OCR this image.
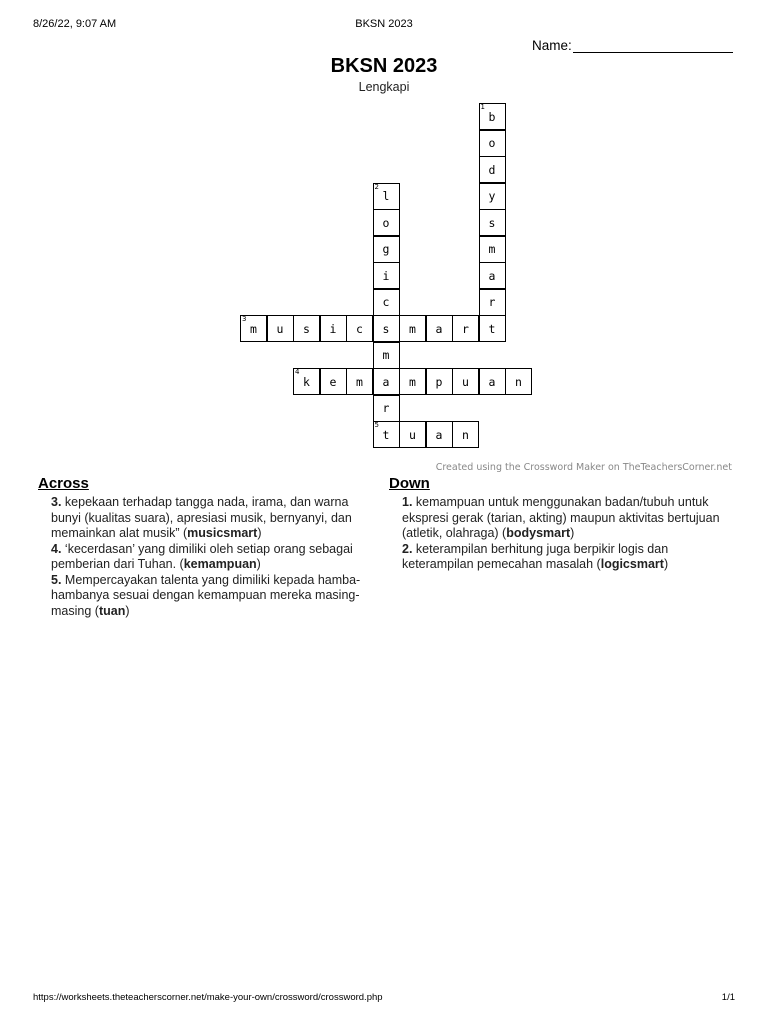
8/26/22, 9:07 AM	BKSN 2023
Name:
BKSN 2023
Lengkapi
1
b
o
d
y
s
m
a
r
t
2
l
o
g
i
c
s
m
a
r
5
t
3
m u s i c	m a r
4
k e m	m p u a n
u a n
Created using the Crossword Maker on TheTeachersCorner.net
Across	Down
3. kepekaan terhadap tangga nada, irama, dan warna bunyi (kualitas suara), apresiasi musik, bernyanyi, dan memainkan alat musik” (musicsmart)
4. ‘kecerdasan’ yang dimiliki oleh setiap orang sebagai pemberian dari Tuhan. (kemampuan)
5. Mempercayakan talenta yang dimiliki kepada hamba-hambanya sesuai dengan kemampuan mereka masing-masing (tuan)
1. kemampuan untuk menggunakan badan/tubuh untuk ekspresi gerak (tarian, akting) maupun aktivitas bertujuan (atletik, olahraga) (bodysmart)
2. keterampilan berhitung juga berpikir logis dan keterampilan pemecahan masalah (logicsmart)
https://worksheets.theteacherscorner.net/make-your-own/crossword/crossword.php	1/1
